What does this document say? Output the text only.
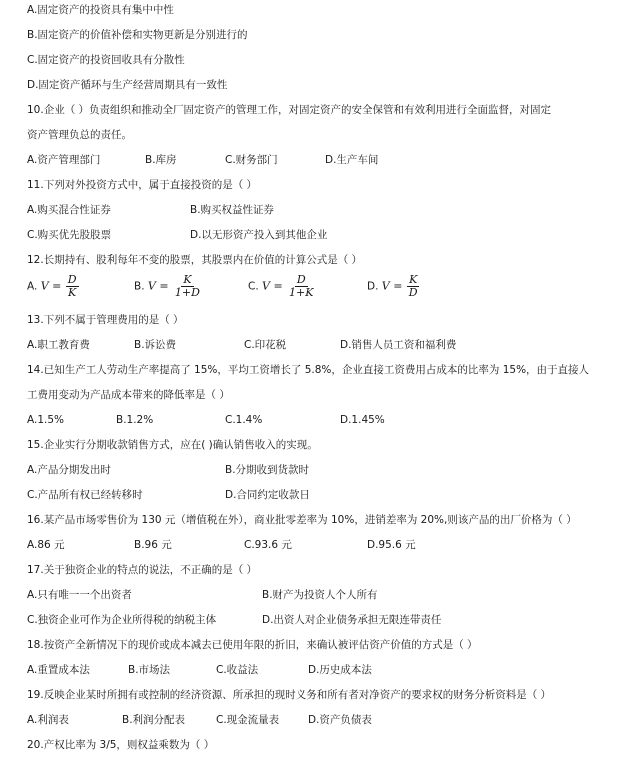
A.固定资产的投资具有集中中性
B.固定资产的价值补偿和实物更新是分别进行的
C.固定资产的投资回收具有分散性
D.固定资产循环与生产经营周期具有一致性
10.企业（ ）负责组织和推动全厂固定资产的管理工作，对固定资产的安全保管和有效利用进行全面监督，对固定
资产管理负总的责任。
A.资产管理部门	B.库房	C.财务部门	D.生产车间
11.下列对外投资方式中，属于直接投资的是（ ）
A.购买混合性证券	B.购买权益性证券
C.购买优先股股票	D.以无形资产投入到其他企业
12.长期持有、股利每年不变的股票，其股票内在价值的计算公式是（ ）
A. $V = \frac{D}{K}$	B. $V = \frac{K}{1+D}$	C. $V = \frac{D}{1+K}$	D. $V = \frac{K}{D}$
13.下列不属于管理费用的是（ ）
A.职工教育费	B.诉讼费	C.印花税	D.销售人员工资和福利费
14.已知生产工人劳动生产率提高了 15%，平均工资增长了 5.8%，企业直接工资费用占成本的比率为 15%，由于直接人
工费用变动为产品成本带来的降低率是（ ）
A.1.5%	B.1.2%	C.1.4%	D.1.45%
15.企业实行分期收款销售方式，应在( )确认销售收入的实现。
A.产品分期发出时	B.分期收到货款时
C.产品所有权已经转移时	D.合同约定收款日
16.某产品市场零售价为 130 元（增值税在外），商业批零差率为 10%，进销差率为 20%,则该产品的出厂价格为（ ）
A.86 元	B.96 元	C.93.6 元	D.95.6 元
17.关于独资企业的特点的说法，不正确的是（ ）
A.只有唯一一个出资者	B.财产为投资人个人所有
C.独资企业可作为企业所得税的纳税主体	D.出资人对企业债务承担无限连带责任
18.按资产全新情况下的现价或成本减去已使用年限的折旧，来确认被评估资产价值的方式是（ ）
A.重置成本法	B.市场法	C.收益法	D.历史成本法
19.反映企业某时所拥有或控制的经济资源、所承担的现时义务和所有者对净资产的要求权的财务分析资料是（ ）
A.利润表	B.利润分配表	C.现金流量表	D.资产负债表
20.产权比率为 3/5，则权益乘数为（ ）
